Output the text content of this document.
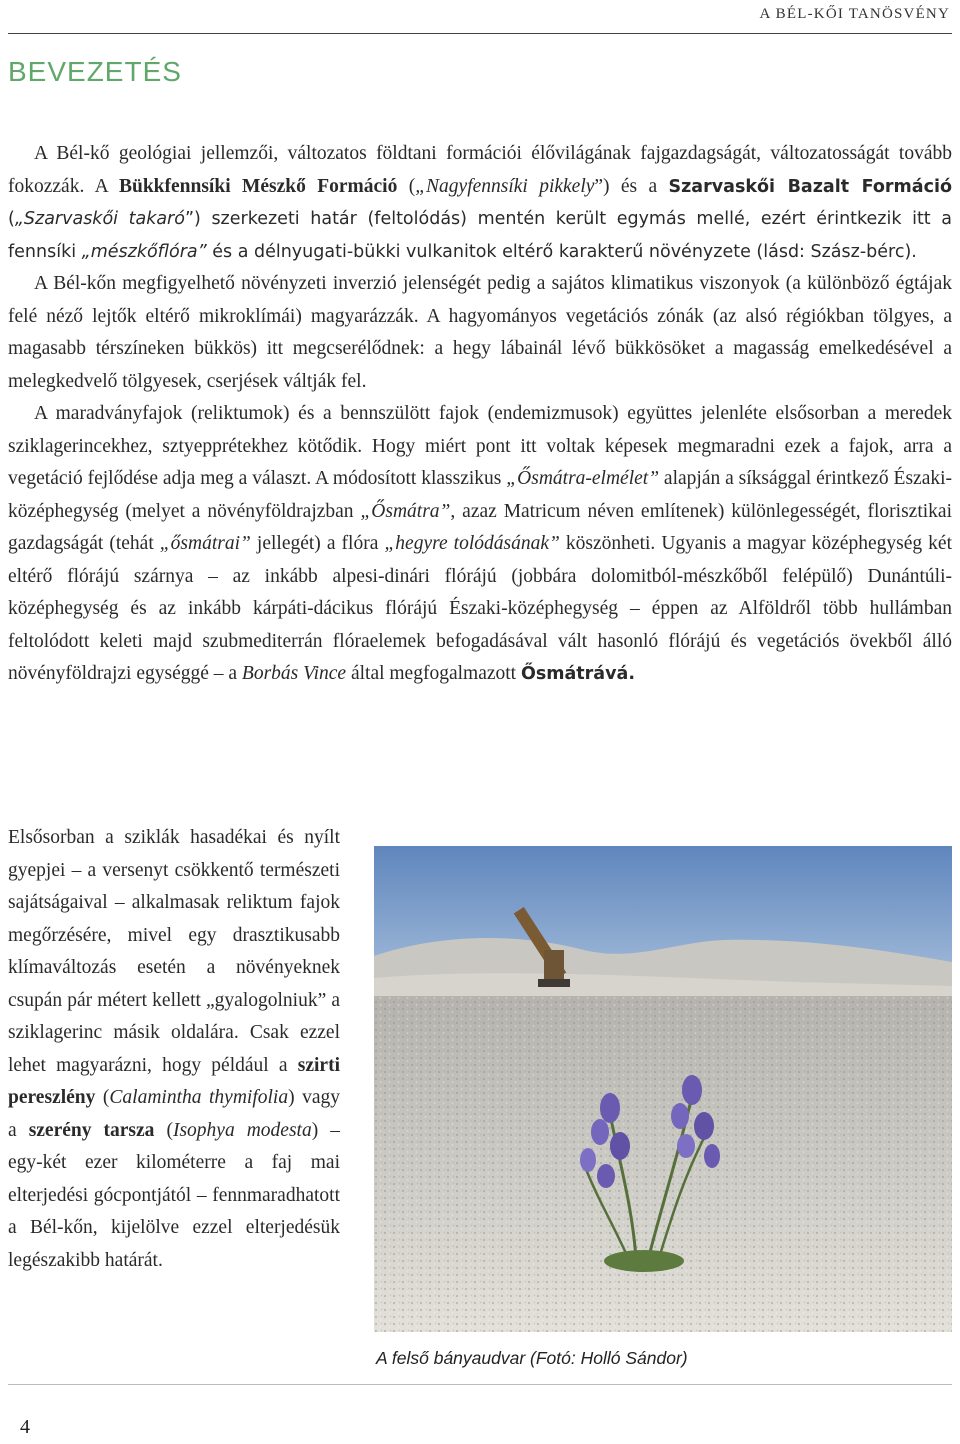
A BÉL-KŐI TANÖSVÉNY
BEVEZETÉS

A Bél-kő geológiai jellemzői, változatos földtani formációi élővilágának fajgazdagságát, változatosságát tovább fokozzák. A Bükkfennsíki Mészkő Formáció („Nagyfennsíki pikkely”) és a Szarvaskői Bazalt Formáció („Szarvaskői takaró”) szerkezeti határ (feltolódás) mentén került egymás mellé, ezért érintkezik itt a fennsíki „mészkőflóra” és a délnyugati-bükki vulkanitok eltérő karakterű növényzete (lásd: Szász-bérc).

A Bél-kőn megfigyelhető növényzeti inverzió jelenségét pedig a sajátos klimatikus viszonyok (a különböző égtájak felé néző lejtők eltérő mikroklímái) magyarázzák. A hagyományos vegetációs zónák (az alsó régiókban tölgyes, a magasabb térszíneken bükkös) itt megcserélődnek: a hegy lábainál lévő bükkösöket a magasság emelkedésével a melegkedvelő tölgyesek, cserjések váltják fel.

A maradványfajok (reliktumok) és a bennszülött fajok (endemizmusok) együttes jelenléte elsősorban a meredek sziklagerincekhez, sztyepprétekhez kötődik. Hogy miért pont itt voltak képesek megmaradni ezek a fajok, arra a vegetáció fejlődése adja meg a választ. A módosított klasszikus „Ősmátra-elmélet” alapján a síksággal érintkező Északi-középhegység (melyet a növényföldrajzban „Ősmátra”, azaz Matricum néven említenek) különlegességét, florisztikai gazdagságát (tehát „ősmátrai” jellegét) a flóra „hegyre tolódásának” köszönheti. Ugyanis a magyar középhegység két eltérő flórájú szárnya – az inkább alpesi-dinári flórájú (jobbára dolomitból-mészkőből felépülő) Dunántúli-középhegység és az inkább kárpáti-dácikus flórájú Északi-középhegység – éppen az Alföldről több hullámban feltolódott keleti majd szubmediterrán flóraelemek befogadásával vált hasonló flórájú és vegetációs övekből álló növényföldrajzi egységgé – a Borbás Vince által megfogalmazott Ősmátrává.

Elsősorban a sziklák hasadékai és nyílt gyepjei – a versenyt csökkentő természeti sajátságaival – alkalmasak reliktum fajok megőrzésére, mivel egy drasztikusabb klímaváltozás esetén a növényeknek csupán pár métert kellett „gyalogolniuk” a sziklagerinc másik oldalára. Csak ezzel lehet magyarázni, hogy például a szirti pereszlény (Calamintha thymifolia) vagy a szerény tarsza (Isophya modesta) – egy-két ezer kilométerre a faj mai elterjedési gócpontjától – fennmaradhatott a Bél-kőn, kijelölve ezzel elterjedésük legészakibb határát.

A felső bányaudvar (Fotó: Holló Sándor)
4
